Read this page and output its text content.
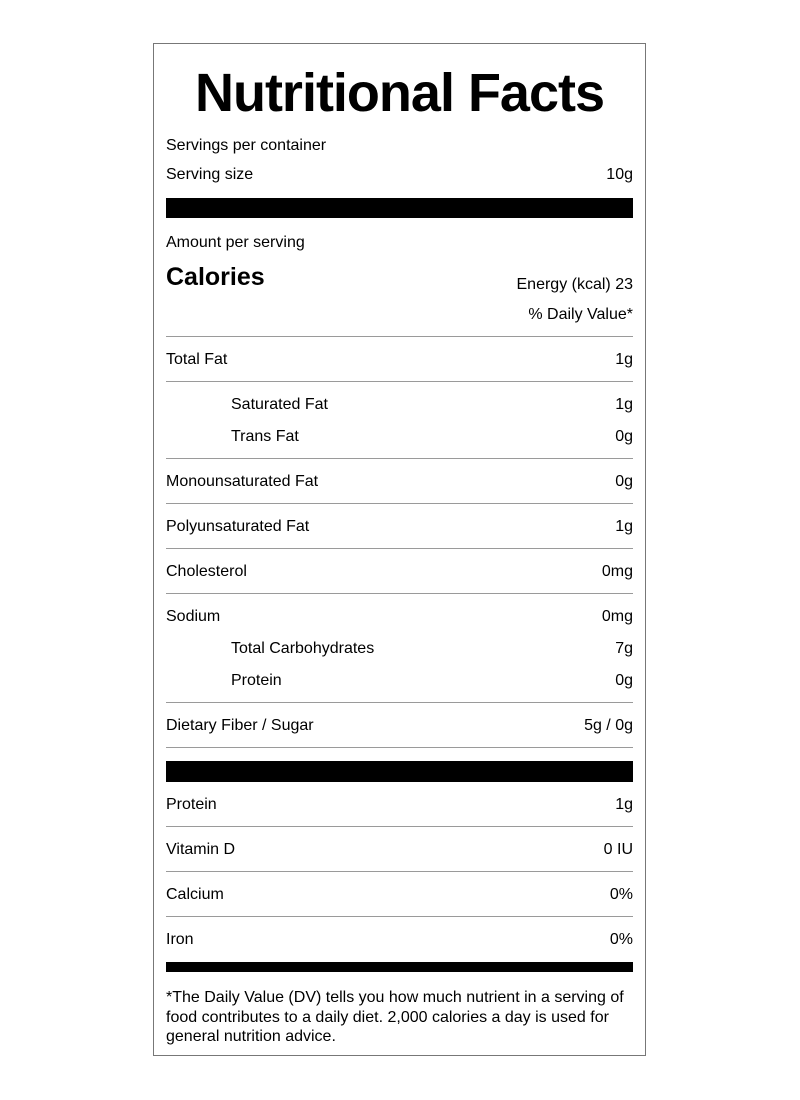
Nutritional Facts
Servings per container
Serving size	10g
Amount per serving
Calories	Energy (kcal) 23
% Daily Value*
Total Fat	1g
Saturated Fat	1g
Trans Fat	0g
Monounsaturated Fat	0g
Polyunsaturated Fat	1g
Cholesterol	0mg
Sodium	0mg
Total Carbohydrates	7g
Protein	0g
Dietary Fiber / Sugar	5g / 0g
Protein	1g
Vitamin D	0 IU
Calcium	0%
Iron	0%
*The Daily Value (DV) tells you how much nutrient in a serving of food contributes to a daily diet. 2,000 calories a day is used for general nutrition advice.
